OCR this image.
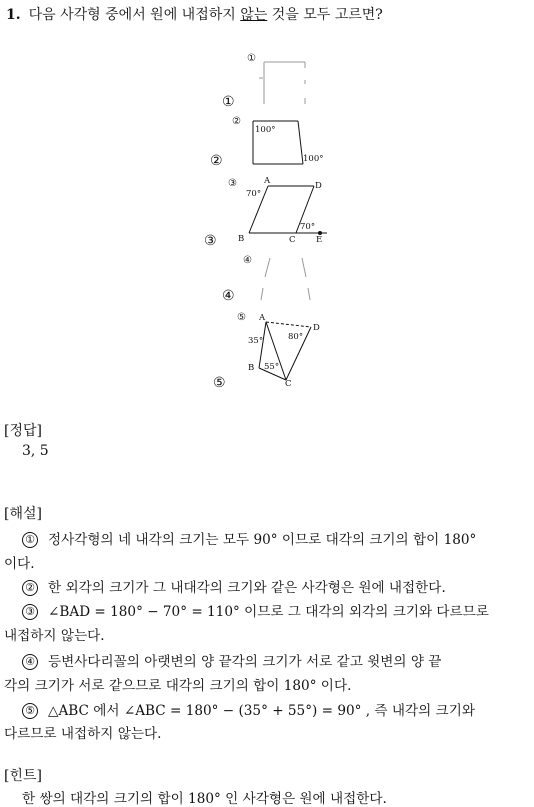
1. 다음 사각형 중에서 원에 내접하지 않는 것을 모두 고르면?
①
②
③
④
⑤
①
②
③
④
⑤
100°
100°
A	D
B	C E
70°
70°
A
D
B
C
35°	80°
55°
[정답]
3, 5
[해설]
① 정사각형의 네 내각의 크기는 모두 90° 이므로 대각의 크기의 합이 180°
이다.
② 한 외각의 크기가 그 내대각의 크기와 같은 사각형은 원에 내접한다.
③ ∠BAD = 180° − 70° = 110° 이므로 그 대각의 외각의 크기와 다르므로
내접하지 않는다.
④ 등변사다리꼴의 아랫변의 양 끝각의 크기가 서로 같고 윗변의 양 끝
각의 크기가 서로 같으므로 대각의 크기의 합이 180° 이다.
⑤ △ABC 에서 ∠ABC = 180° − (35° + 55°) = 90° , 즉 내각의 크기와
다르므로 내접하지 않는다.
[힌트]
한 쌍의 대각의 크기의 합이 180° 인 사각형은 원에 내접한다.
